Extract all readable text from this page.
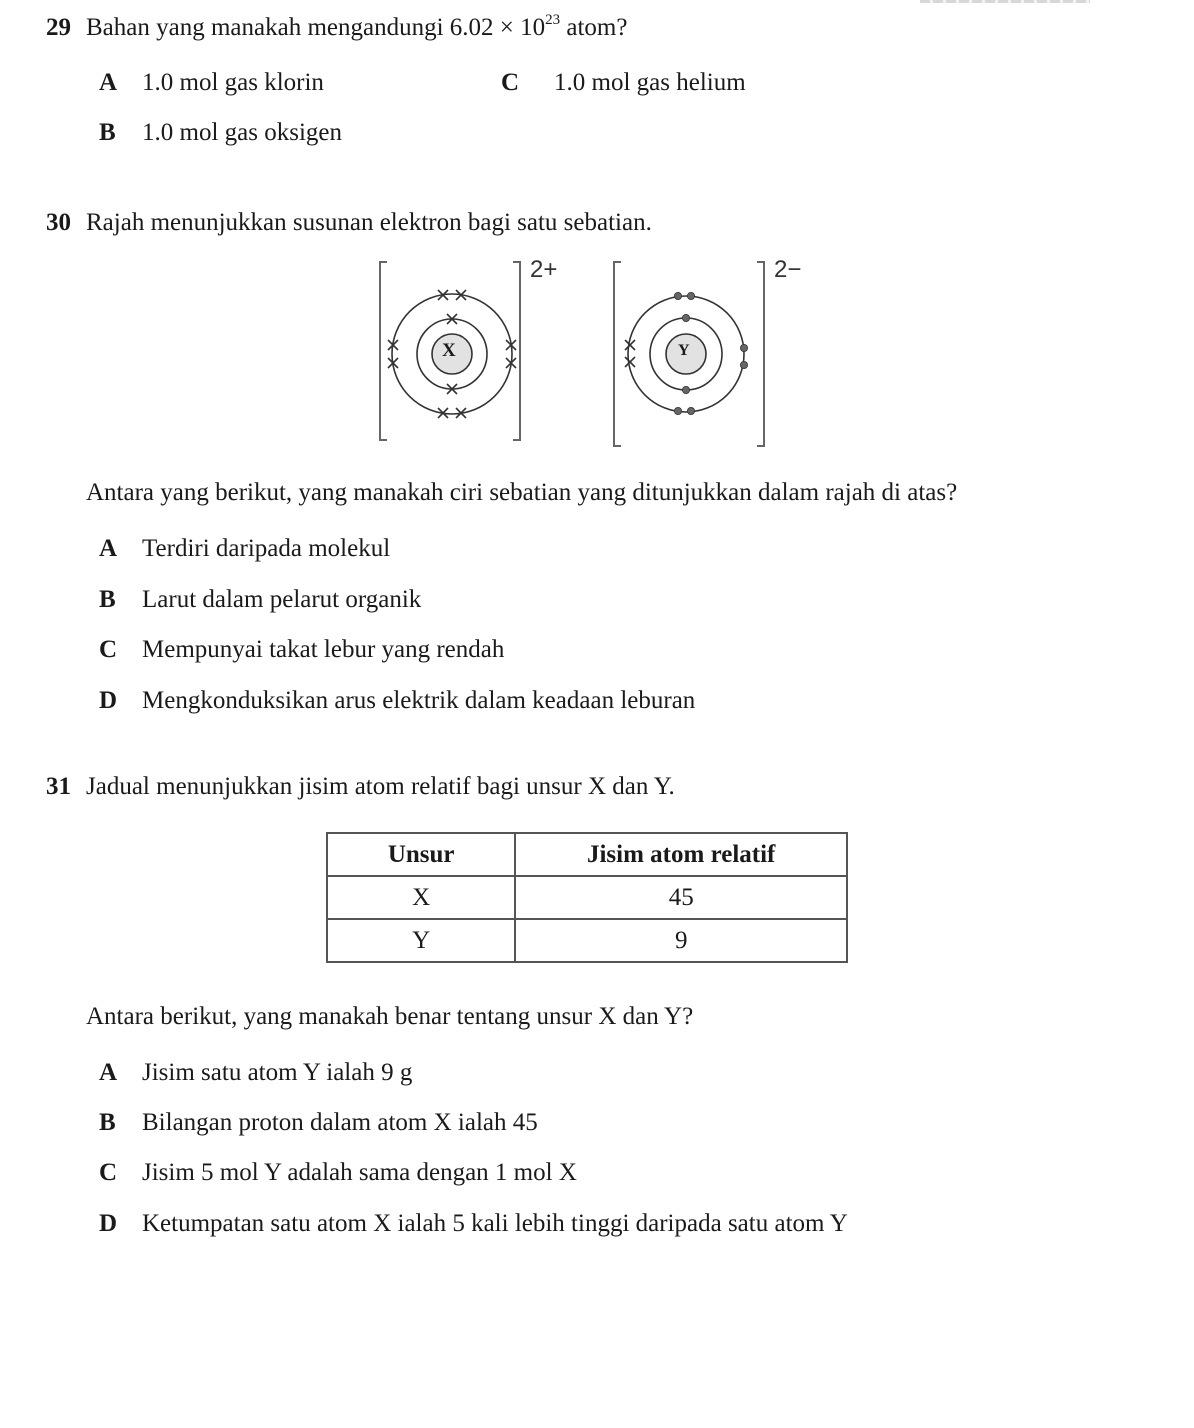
29 Bahan yang manakah mengandungi $6.02 \times 10^{23}$ atom?
A 1.0 mol gas klorin
B 1.0 mol gas oksigen
C 1.0 mol gas helium
30 Rajah menunjukkan susunan elektron bagi satu sebatian.
X	Y
2+	2−
Antara yang berikut, yang manakah ciri sebatian yang ditunjukkan dalam rajah di atas?
A Terdiri daripada molekul
B Larut dalam pelarut organik
C Mempunyai takat lebur yang rendah
D Mengkonduksikan arus elektrik dalam keadaan leburan
31 Jadual menunjukkan jisim atom relatif bagi unsur X dan Y.
Unsur	Jisim atom relatif
X	45
Y	9
Antara berikut, yang manakah benar tentang unsur X dan Y?
A Jisim satu atom Y ialah 9 g
B Bilangan proton dalam atom X ialah 45
C Jisim 5 mol Y adalah sama dengan 1 mol X
D Ketumpatan satu atom X ialah 5 kali lebih tinggi daripada satu atom Y
